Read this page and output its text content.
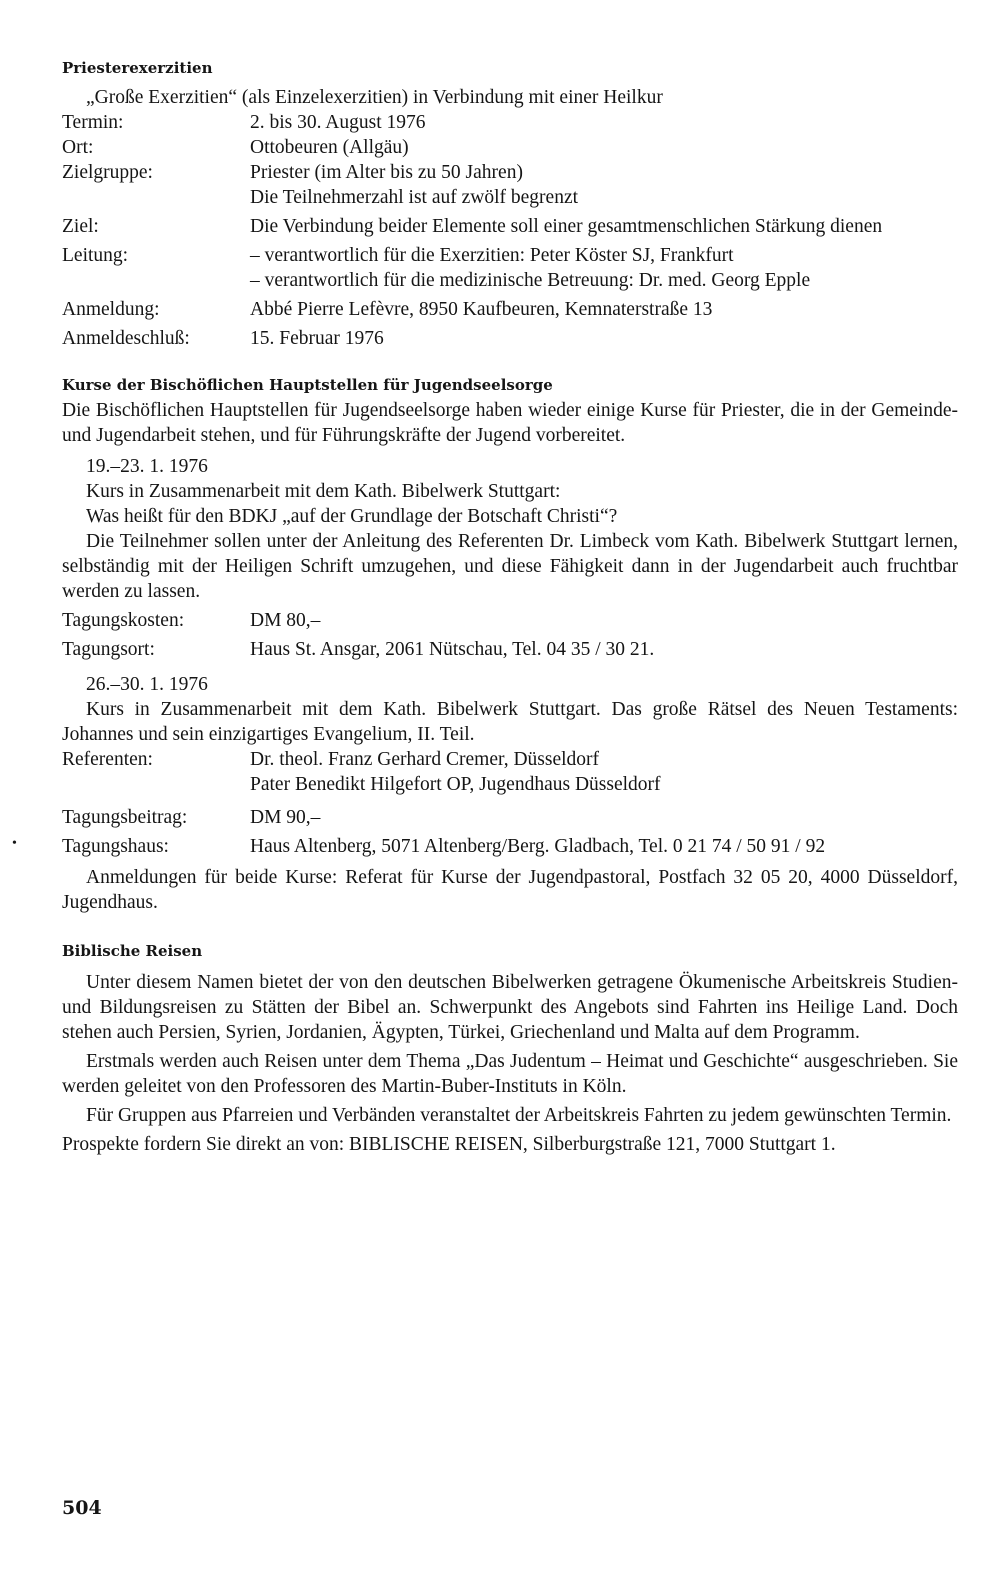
Priesterexerzitien
„Große Exerzitien“ (als Einzelexerzitien) in Verbindung mit einer Heilkur
Termin:	2. bis 30. August 1976
Ort:	Ottobeuren (Allgäu)
Zielgruppe:	Priester (im Alter bis zu 50 Jahren)
Die Teilnehmerzahl ist auf zwölf begrenzt
Ziel:	Die Verbindung beider Elemente soll einer gesamtmenschlichen Stärkung dienen
Leitung:	– verantwortlich für die Exerzitien: Peter Köster SJ, Frankfurt
– verantwortlich für die medizinische Betreuung: Dr. med. Georg Epple
Anmeldung:	Abbé Pierre Lefèvre, 8950 Kaufbeuren, Kemnaterstraße 13
Anmeldeschluß:	15. Februar 1976
Kurse der Bischöflichen Hauptstellen für Jugendseelsorge
Die Bischöflichen Hauptstellen für Jugendseelsorge haben wieder einige Kurse für Priester, die in der Gemeinde- und Jugendarbeit stehen, und für Führungskräfte der Jugend vorbereitet.
19.–23. 1. 1976
Kurs in Zusammenarbeit mit dem Kath. Bibelwerk Stuttgart:
Was heißt für den BDKJ „auf der Grundlage der Botschaft Christi“?
Die Teilnehmer sollen unter der Anleitung des Referenten Dr. Limbeck vom Kath. Bibelwerk Stuttgart lernen, selbständig mit der Heiligen Schrift umzugehen, und diese Fähigkeit dann in der Jugendarbeit auch fruchtbar werden zu lassen.
Tagungskosten:	DM 80,–
Tagungsort:	Haus St. Ansgar, 2061 Nütschau, Tel. 04 35 / 30 21.
26.–30. 1. 1976
Kurs in Zusammenarbeit mit dem Kath. Bibelwerk Stuttgart. Das große Rätsel des Neuen Testaments: Johannes und sein einzigartiges Evangelium, II. Teil.
Referenten:	Dr. theol. Franz Gerhard Cremer, Düsseldorf
Pater Benedikt Hilgefort OP, Jugendhaus Düsseldorf
Tagungsbeitrag:	DM 90,–
Tagungshaus:	Haus Altenberg, 5071 Altenberg/Berg. Gladbach, Tel. 0 21 74 / 50 91 / 92
Anmeldungen für beide Kurse: Referat für Kurse der Jugendpastoral, Postfach 32 05 20, 4000 Düsseldorf, Jugendhaus.
Biblische Reisen
Unter diesem Namen bietet der von den deutschen Bibelwerken getragene Ökumenische Arbeitskreis Studien- und Bildungsreisen zu Stätten der Bibel an. Schwerpunkt des Angebots sind Fahrten ins Heilige Land. Doch stehen auch Persien, Syrien, Jordanien, Ägypten, Türkei, Griechenland und Malta auf dem Programm.
Erstmals werden auch Reisen unter dem Thema „Das Judentum – Heimat und Geschichte“ ausgeschrieben. Sie werden geleitet von den Professoren des Martin-Buber-Instituts in Köln.
Für Gruppen aus Pfarreien und Verbänden veranstaltet der Arbeitskreis Fahrten zu jedem gewünschten Termin.
Prospekte fordern Sie direkt an von: BIBLISCHE REISEN, Silberburgstraße 121, 7000 Stuttgart 1.
•
504
